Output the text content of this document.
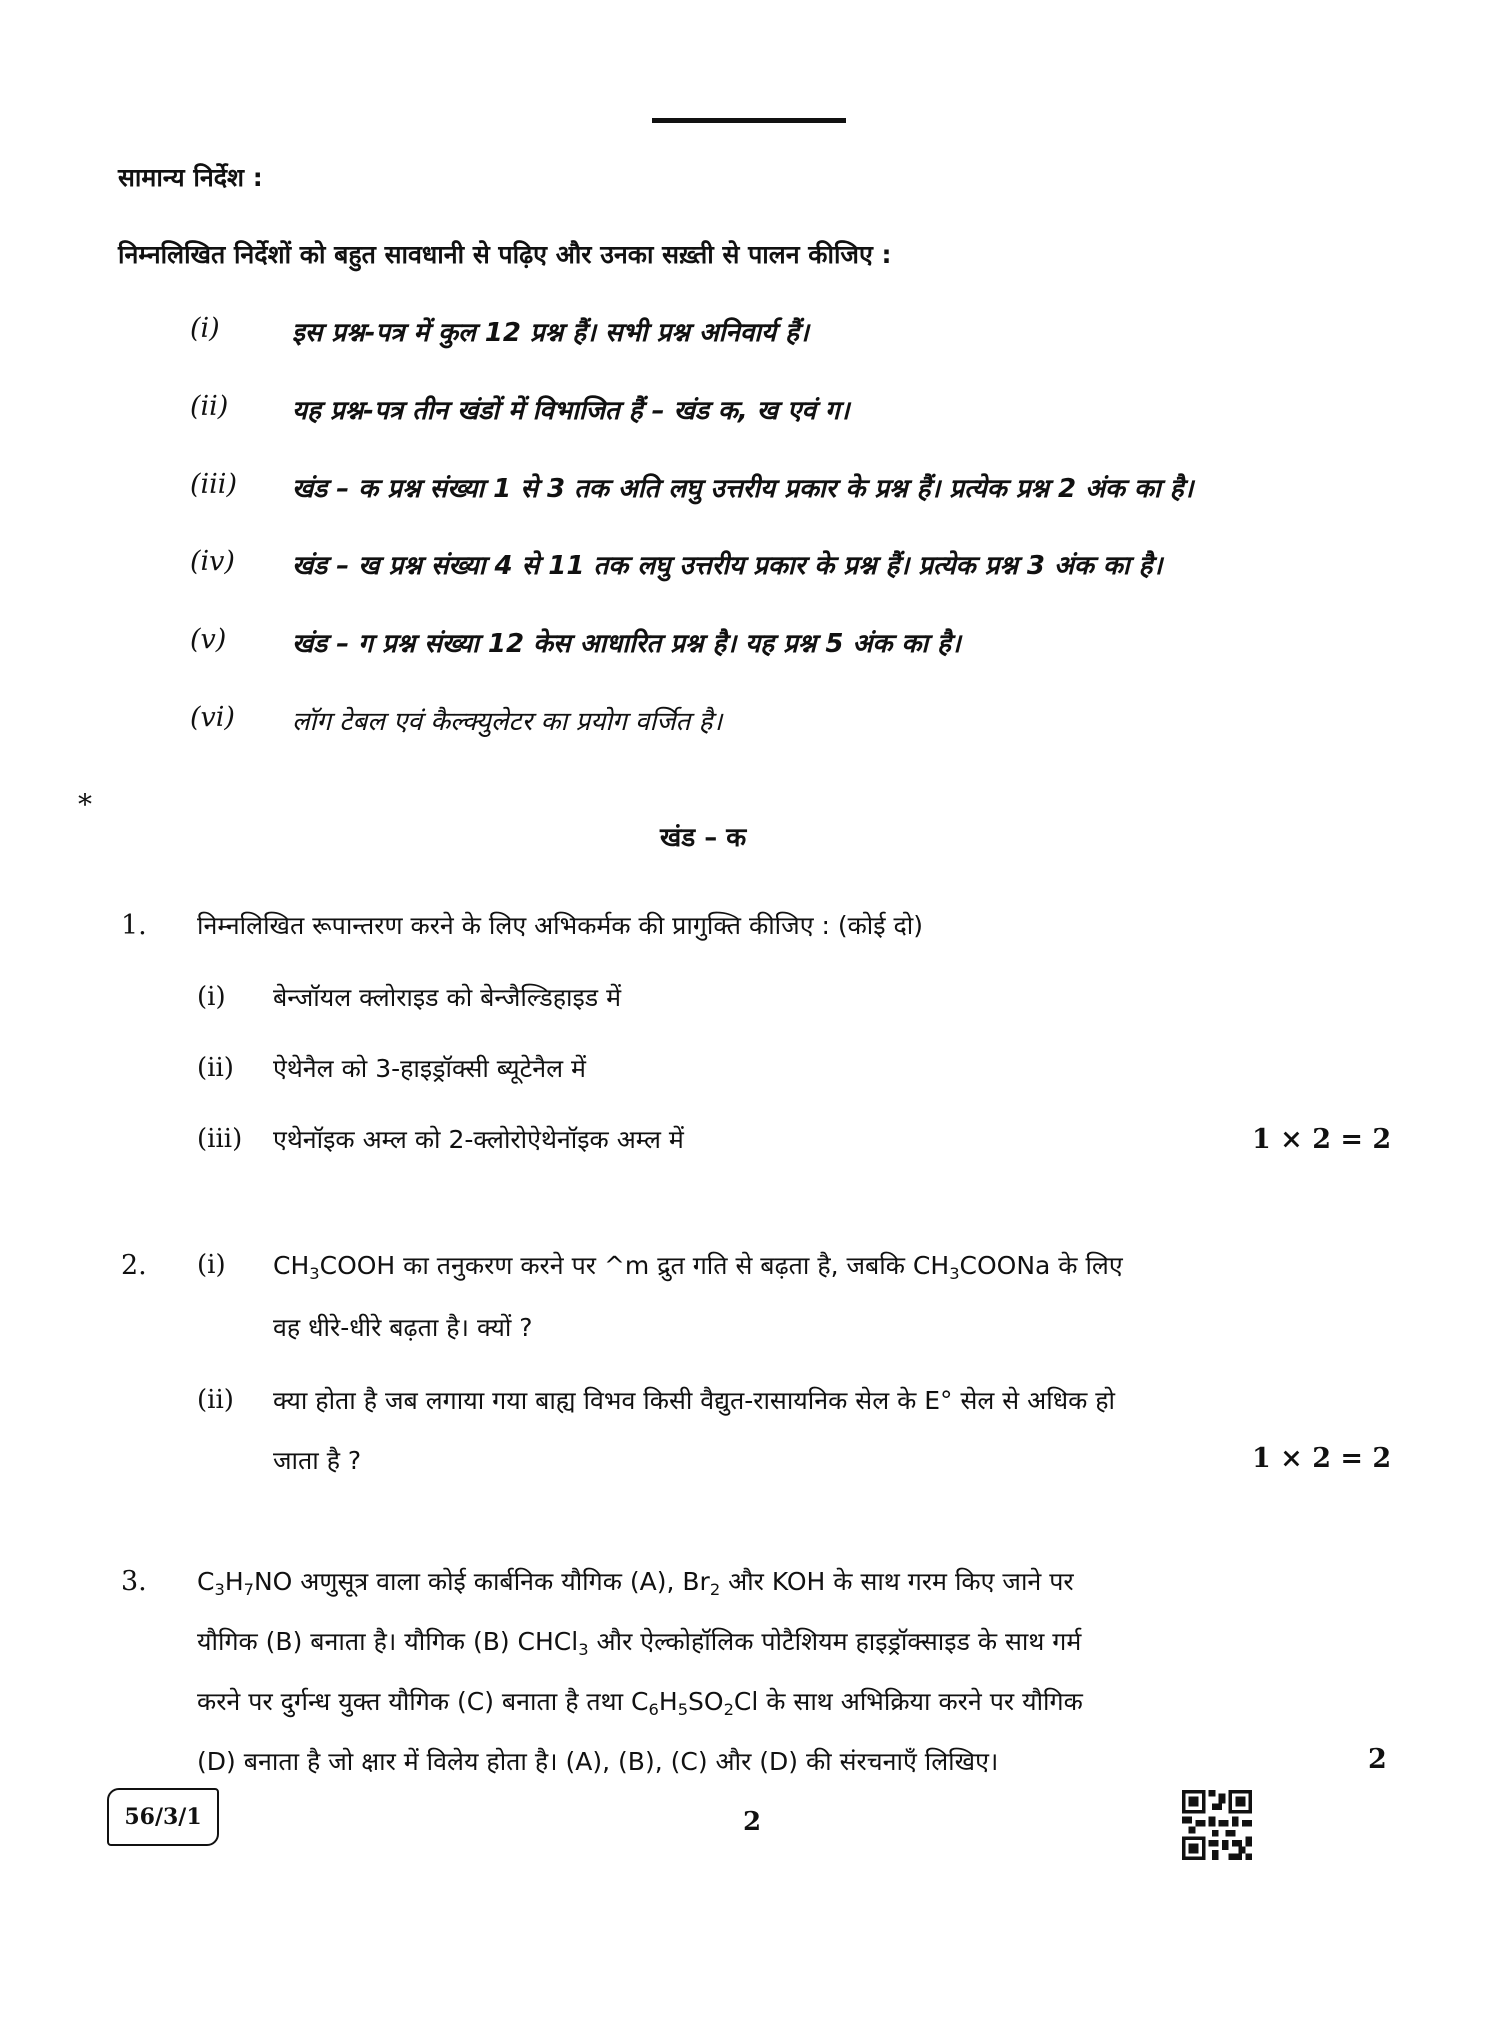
सामान्य निर्देश :
निम्नलिखित निर्देशों को बहुत सावधानी से पढ़िए और उनका सख़्ती से पालन कीजिए :
(i)	इस प्रश्न-पत्र में कुल 12 प्रश्न हैं। सभी प्रश्न अनिवार्य हैं।
(ii) यह प्रश्न-पत्र तीन खंडों में विभाजित हैं – खंड क, ख एवं ग।
(iii) खंड – क प्रश्न संख्या 1 से 3 तक अति लघु उत्तरीय प्रकार के प्रश्न हैं। प्रत्येक प्रश्न 2 अंक का है।
(iv) खंड – ख प्रश्न संख्या 4 से 11 तक लघु उत्तरीय प्रकार के प्रश्न हैं। प्रत्येक प्रश्न 3 अंक का है।
(v)	खंड – ग प्रश्न संख्या 12 केस आधारित प्रश्न है। यह प्रश्न 5 अंक का है।
(vi) लॉग टेबल एवं कैल्क्युलेटर का प्रयोग वर्जित है।
*
खंड – क
1. निम्नलिखित रूपान्तरण करने के लिए अभिकर्मक की प्रागुक्ति कीजिए : (कोई दो)
(i) बेन्जॉयल क्लोराइड को बेन्जैल्डिहाइड में
(ii) ऐथेनैल को 3-हाइड्रॉक्सी ब्यूटेनैल में
(iii) एथेनॉइक अम्ल को 2-क्लोरोऐथेनॉइक अम्ल में	1 × 2 = 2
2. (i) $CH_3COOH$ का तनुकरण करने पर ^m द्रुत गति से बढ़ता है, जबकि $CH_3COONa$ के लिए
वह धीरे-धीरे बढ़ता है। क्यों ?
(ii) क्या होता है जब लगाया गया बाह्य विभव किसी वैद्युत-रासायनिक सेल के E° सेल से अधिक हो
जाता है ?	1 × 2 = 2
3. $C_3H_7NO$ अणुसूत्र वाला कोई कार्बनिक यौगिक (A), $Br_2$ और KOH के साथ गरम किए जाने पर
यौगिक (B) बनाता है। यौगिक (B) CHCl$_3$ और ऐल्कोहॉलिक पोटैशियम हाइड्रॉक्साइड के साथ गर्म
करने पर दुर्गन्ध युक्त यौगिक (C) बनाता है तथा $C_6H_5SO_2Cl$ के साथ अभिक्रिया करने पर यौगिक
(D) बनाता है जो क्षार में विलेय होता है। (A), (B), (C) और (D) की संरचनाएँ लिखिए।	2
56/3/1	2
